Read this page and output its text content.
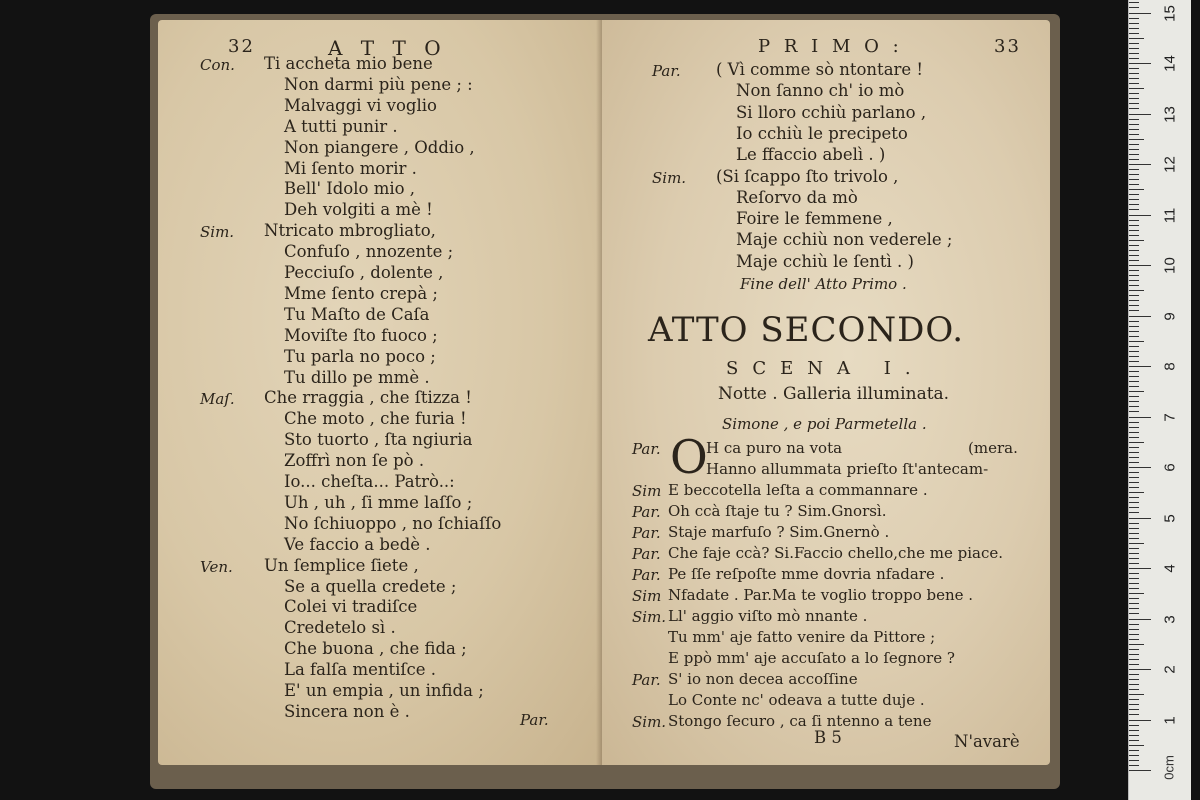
15
14
13
12
11
10
9
8
7
6
5
4
3
2
1
0cm
32	A T T O
Con. Ti accheta mio bene
Non darmi più pene ; :
Malvaggi vi voglio
A tutti punir .
Non piangere , Oddio ,
Mi ſento morir .
Bell' Idolo mio ,
Deh volgiti a mè !
Sim. Ntricato mbrogliato,
Confuſo , nnozente ;
Pecciuſo , dolente ,
Mme ſento crepà ;
Tu Maſto de Caſa
Moviſte ſto fuoco ;
Tu parla no poco ;
Tu dillo pe mmè .
Maſ. Che rraggia , che ſtizza !
Che moto , che furia !
Sto tuorto , ſta ngiuria
Zoffrì non ſe pò .
Io... cheſta... Patrò..:
Uh , uh , ſi mme laſſo ;
No ſchiuoppo , no ſchiaſſo
Ve faccio a bedè .
Ven. Un ſemplice ſiete ,
Se a quella credete ;
Colei vi tradiſce
Credetelo sì .
Che buona , che fida ;
La falſa mentiſce .
E' un empia , un infida ;
Sincera non è .	Par.
P R I M O :	33
Par. ( Vì comme sò ntontare !
Non ſanno ch' io mò
Si lloro cchiù parlano ,
Io cchiù le precipeto
Le ffaccio abelì . )
Sim. (Si ſcappo ſto trivolo ,
Reſorvo da mò
Foire le femmene ,
Maje cchiù non vederele ;
Maje cchiù le ſentì . )
Fine dell' Atto Primo .
ATTO SECONDO.
SCENA I.
Notte . Galleria illuminata.
Simone , e poi Parmetella .
Par. O
H ca puro na vota	(mera.
Hanno allummata prieſto ſt'antecam-
Sim E beccotella leſta a commannare .
Par. Oh ccà ſtaje tu ? Sim.Gnorsì.
Par. Staje marfuſo ? Sim.Gnernò .
Par. Che faje ccà? Si.Faccio chello,che me piace.
Par. Pe ſſe reſpoſte mme dovria nfadare .
Sim Nfadate . Par.Ma te voglio troppo bene .
Sim. Ll' aggio viſto mò nnante .
Tu mm' aje fatto venire da Pittore ;
E ppò mm' aje accuſato a lo ſegnore ?
Par. S' io non decea accoſſine
Lo Conte nc' odeava a tutte duje .
Sim. Stongo ſecuro , ca ſi ntenno a tene
B 5	N'avarè
